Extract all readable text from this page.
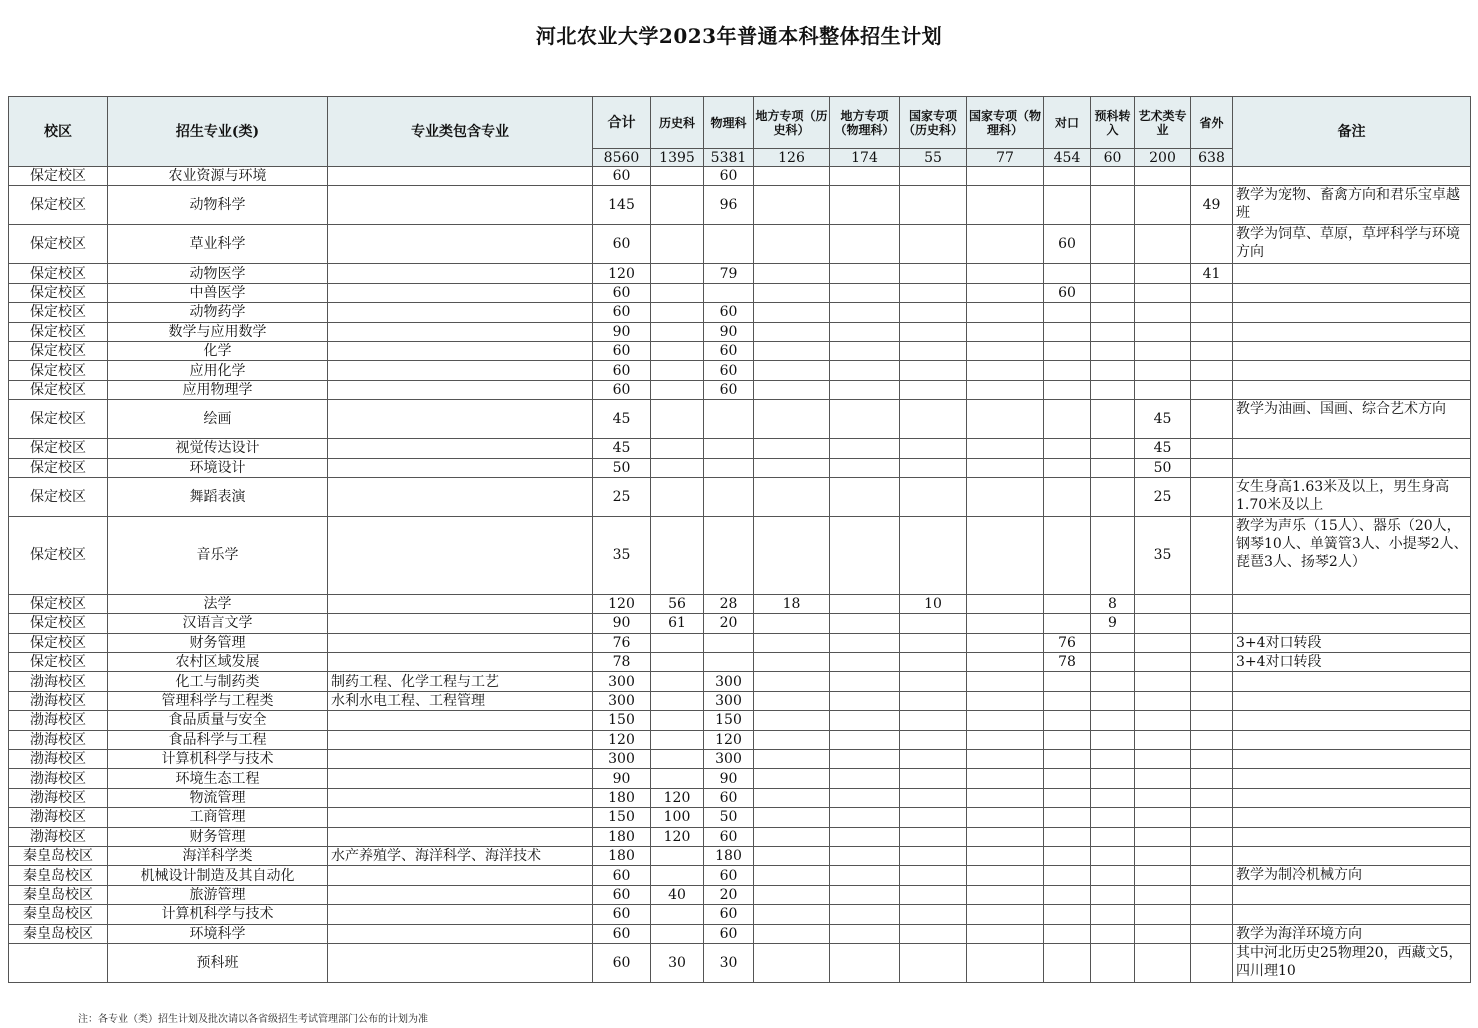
河北农业大学2023年普通本科整体招生计划
校区	招生专业(类)	专业类包含专业	合计	历史科	物理科	地方专项（历史科）	地方专项（物理科）	国家专项（历史科）	国家专项（物理科）	对口	预科转入	艺术类专业	省外	备注
			8560	1395	5381	126	174	55	77	454	60	200	638	
保定校区	农业资源与环境		60		60									
保定校区	动物科学		145		96								49	教学为宠物、畜禽方向和君乐宝卓越班
保定校区	草业科学		60							60				教学为饲草、草原，草坪科学与环境方向
保定校区	动物医学		120		79								41	
保定校区	中兽医学		60							60				
保定校区	动物药学		60		60									
保定校区	数学与应用数学		90		90									
保定校区	化学		60		60									
保定校区	应用化学		60		60									
保定校区	应用物理学		60		60									
保定校区	绘画		45									45		教学为油画、国画、综合艺术方向
保定校区	视觉传达设计		45									45		
保定校区	环境设计		50									50		
保定校区	舞蹈表演		25									25		女生身高1.63米及以上，男生身高1.70米及以上
保定校区	音乐学		35									35		教学为声乐（15人）、器乐（20人，钢琴10人、单簧管3人、小提琴2人、琵琶3人、扬琴2人）
保定校区	法学		120	56	28	18		10			8			
保定校区	汉语言文学		90	61	20						9			
保定校区	财务管理		76							76				3+4对口转段
保定校区	农村区域发展		78							78				3+4对口转段
渤海校区	化工与制药类	制药工程、化学工程与工艺	300		300									
渤海校区	管理科学与工程类	水利水电工程、工程管理	300		300									
渤海校区	食品质量与安全		150		150									
渤海校区	食品科学与工程		120		120									
渤海校区	计算机科学与技术		300		300									
渤海校区	环境生态工程		90		90									
渤海校区	物流管理		180	120	60									
渤海校区	工商管理		150	100	50									
渤海校区	财务管理		180	120	60									
秦皇岛校区	海洋科学类	水产养殖学、海洋科学、海洋技术	180		180									
秦皇岛校区	机械设计制造及其自动化		60		60									教学为制冷机械方向
秦皇岛校区	旅游管理		60	40	20									
秦皇岛校区	计算机科学与技术		60		60									
秦皇岛校区	环境科学		60		60									教学为海洋环境方向
	预科班		60	30	30									其中河北历史25物理20，西藏文5，四川理10
注：各专业（类）招生计划及批次请以各省级招生考试管理部门公布的计划为准
